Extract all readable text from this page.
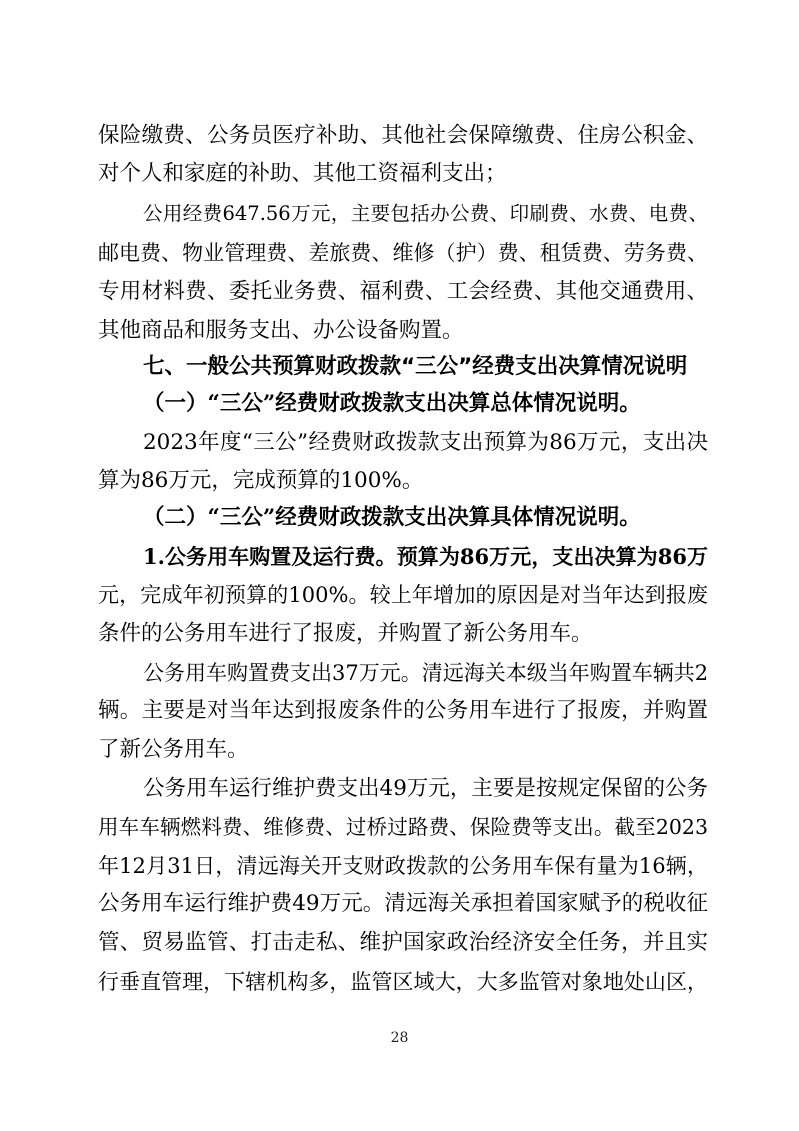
保险缴费、公务员医疗补助、其他社会保障缴费、住房公积金、
对个人和家庭的补助、其他工资福利支出；
公用经费647.56万元，主要包括办公费、印刷费、水费、电费、
邮电费、物业管理费、差旅费、维修（护）费、租赁费、劳务费、
专用材料费、委托业务费、福利费、工会经费、其他交通费用、
其他商品和服务支出、办公设备购置。
七、一般公共预算财政拨款“三公”经费支出决算情况说明
（一）“三公”经费财政拨款支出决算总体情况说明。
2023年度“三公”经费财政拨款支出预算为86万元，支出决
算为86万元，完成预算的100%。
（二）“三公”经费财政拨款支出决算具体情况说明。
1.公务用车购置及运行费。预算为86万元，支出决算为86万
元，完成年初预算的100%。较上年增加的原因是对当年达到报废
条件的公务用车进行了报废，并购置了新公务用车。
公务用车购置费支出37万元。清远海关本级当年购置车辆共2
辆。主要是对当年达到报废条件的公务用车进行了报废，并购置
了新公务用车。
公务用车运行维护费支出49万元，主要是按规定保留的公务
用车车辆燃料费、维修费、过桥过路费、保险费等支出。截至2023
年12月31日，清远海关开支财政拨款的公务用车保有量为16辆，
公务用车运行维护费49万元。清远海关承担着国家赋予的税收征
管、贸易监管、打击走私、维护国家政治经济安全任务，并且实
行垂直管理，下辖机构多，监管区域大，大多监管对象地处山区，
28
